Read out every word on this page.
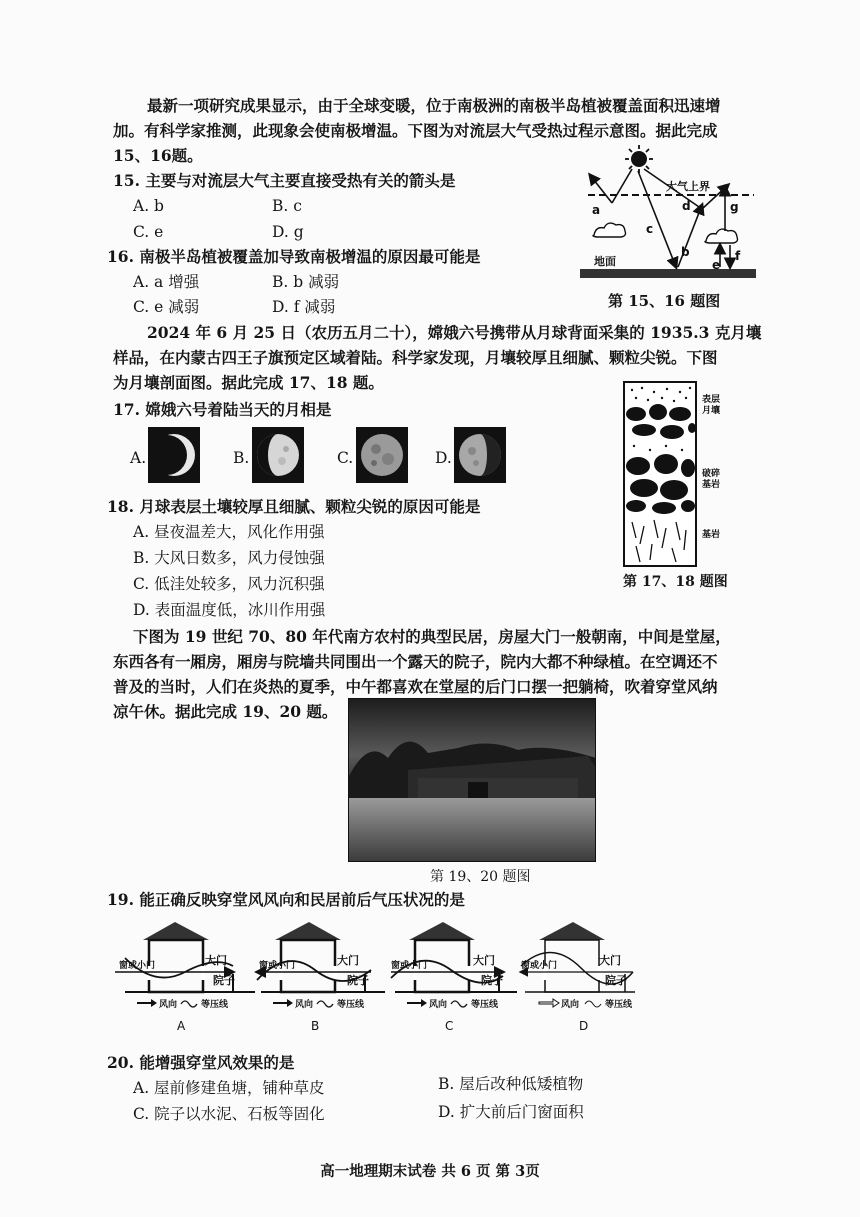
最新一项研究成果显示，由于全球变暖，位于南极洲的南极半岛植被覆盖面积迅速增
加。有科学家推测，此现象会使南极增温。下图为对流层大气受热过程示意图。据此完成
15、16题。
15. 主要与对流层大气主要直接受热有关的箭头是
A. b	B. c
C. e	D. g
16. 南极半岛植被覆盖加导致南极增温的原因最可能是
A. a 增强	B. b 减弱
C. e 减弱	D. f 减弱
大气上界
地面
a
b
c
d
e
f
g
第 15、16 题图
2024 年 6 月 25 日（农历五月二十），嫦娥六号携带从月球背面采集的 1935.3 克月壤
样品，在内蒙古四王子旗预定区域着陆。科学家发现，月壤较厚且细腻、颗粒尖锐。下图
为月壤剖面图。据此完成 17、18 题。
17. 嫦娥六号着陆当天的月相是
A.	B.	C.	D.
18. 月球表层土壤较厚且细腻、颗粒尖锐的原因可能是
A. 昼夜温差大，风化作用强
B. 大风日数多，风力侵蚀强
C. 低洼处较多，风力沉积强
D. 表面温度低，冰川作用强
表层月壤
破碎基岩
基岩
第 17、18 题图
下图为 19 世纪 70、80 年代南方农村的典型民居，房屋大门一般朝南，中间是堂屋，
东西各有一厢房，厢房与院墙共同围出一个露天的院子，院内大都不种绿植。在空调还不
普及的当时，人们在炎热的夏季，中午都喜欢在堂屋的后门口摆一把躺椅，吹着穿堂风纳
凉午休。据此完成 19、20 题。
第 19、20 题图
19. 能正确反映穿堂风风向和民居前后气压状况的是
窗或小门	大门
院子
窗或小门	大门
院子
窗或小门	大门
院子
窗或小门	大门
院子
风向	等压线	风向	等压线	风向	等压线	风向	等压线
A	B	C	D
20. 能增强穿堂风效果的是
A. 屋前修建鱼塘，铺种草皮	B. 屋后改种低矮植物
C. 院子以水泥、石板等固化	D. 扩大前后门窗面积
高一地理期末试卷 共 6 页 第 3页
